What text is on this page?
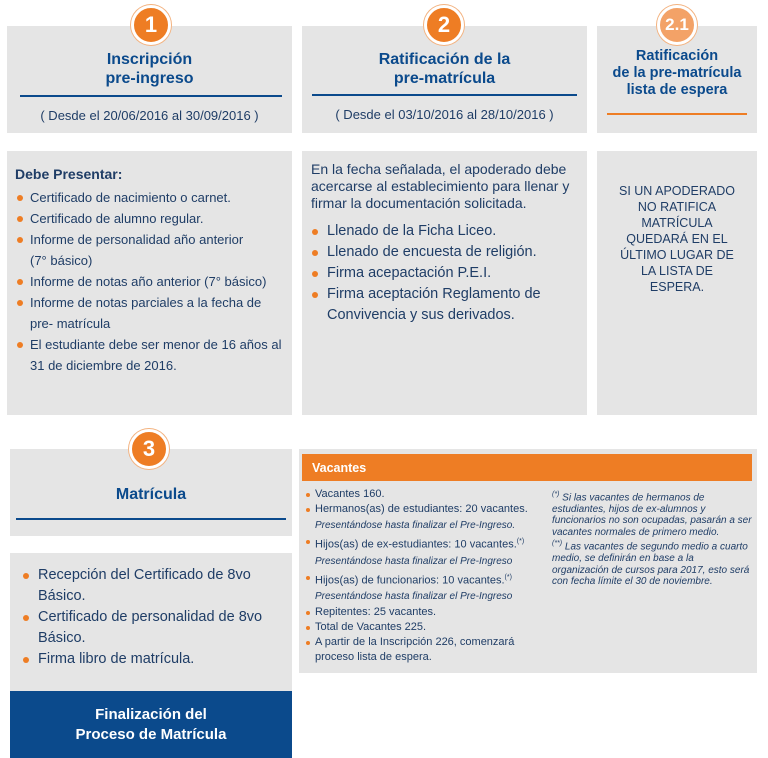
Inscripción
pre-ingreso
( Desde el 20/06/2016 al 30/09/2016 )
1
Ratificación de la
pre-matrícula
( Desde el 03/10/2016 al 28/10/2016 )
2
Ratificación
de la pre-matrícula
lista de espera
2.1
Debe Presentar:
Certificado de nacimiento o carnet.
Certificado de alumno regular.
Informe de personalidad año anterior (7° básico)
Informe de notas año anterior (7° básico)
Informe de notas parciales a la fecha de pre- matrícula
El estudiante debe ser menor de 16 años al 31 de diciembre de 2016.
En la fecha señalada, el apoderado debe acercarse al establecimiento para llenar y firmar la documentación solicitada.
Llenado de la Ficha Liceo.
Llenado de encuesta de religión.
Firma acepactación P.E.I.
Firma aceptación Reglamento de Convivencia y sus derivados.
SI UN APODERADO NO RATIFICA MATRÍCULA QUEDARÁ EN EL ÚLTIMO LUGAR DE LA LISTA DE ESPERA.
Matrícula
3
Recepción del Certificado de 8vo Básico.
Certificado de personalidad de 8vo Básico.
Firma libro de matrícula.
Finalización del
Proceso de Matrícula
Vacantes
Vacantes 160.
Hermanos(as) de estudiantes: 20 vacantes.
Presentándose hasta finalizar el Pre-Ingreso.
Hijos(as) de ex-estudiantes: 10 vacantes.(*)
Presentándose hasta finalizar el Pre-Ingreso
Hijos(as) de funcionarios: 10 vacantes.(*)
Presentándose hasta finalizar el Pre-Ingreso
Repitentes: 25 vacantes.
Total de Vacantes 225.
A partir de la Inscripción 226, comenzará proceso lista de espera.

(*) Si las vacantes de hermanos de estudiantes, hijos de ex-alumnos y funcionarios no son ocupadas, pasarán a ser vacantes normales de primero medio.

(**) Las vacantes de segundo medio a cuarto medio, se definirán en base a la organización de cursos para 2017, esto será con fecha límite el 30 de noviembre.
